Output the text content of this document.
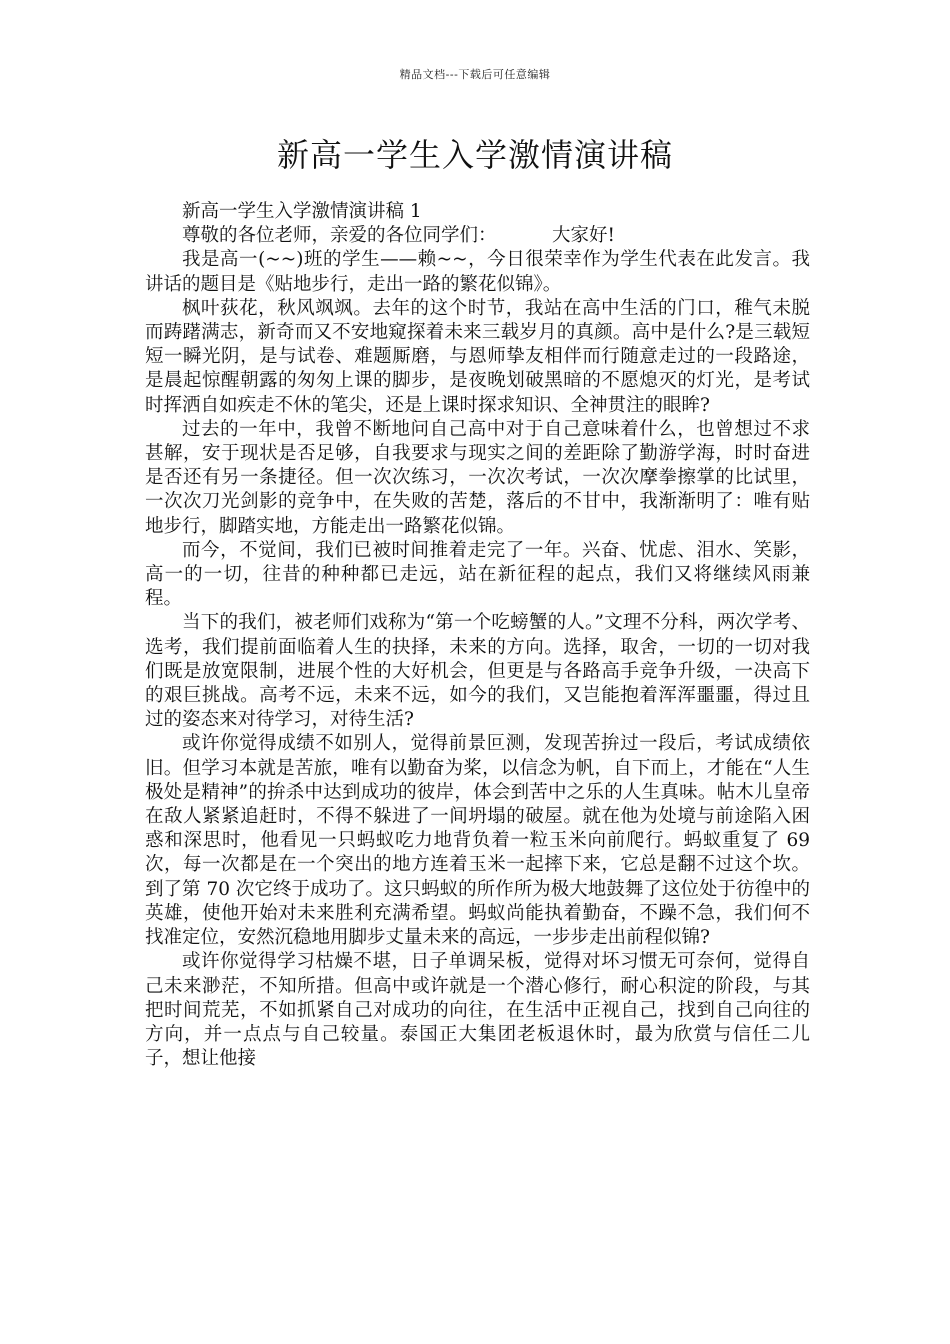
精品文档---下载后可任意编辑
新高一学生入学激情演讲稿

新高一学生入学激情演讲稿 1

尊敬的各位老师，亲爱的各位同学们：	大家好!

我是高一(~~)班的学生——赖~~，今日很荣幸作为学生代表在此发言。我讲话的题目是《贴地步行，走出一路的繁花似锦》。

枫叶荻花，秋风飒飒。去年的这个时节，我站在高中生活的门口，稚气未脱而踌躇满志，新奇而又不安地窥探着未来三载岁月的真颜。高中是什么?是三载短短一瞬光阴，是与试卷、难题厮磨，与恩师挚友相伴而行随意走过的一段路途，是晨起惊醒朝露的匆匆上课的脚步，是夜晚划破黑暗的不愿熄灭的灯光，是考试时挥洒自如疾走不休的笔尖，还是上课时探求知识、全神贯注的眼眸?

过去的一年中，我曾不断地问自己高中对于自己意味着什么，也曾想过不求甚解，安于现状是否足够，自我要求与现实之间的差距除了勤游学海，时时奋进是否还有另一条捷径。但一次次练习，一次次考试，一次次摩拳擦掌的比试里，一次次刀光剑影的竞争中，在失败的苦楚，落后的不甘中，我渐渐明了：唯有贴地步行，脚踏实地，方能走出一路繁花似锦。

而今，不觉间，我们已被时间推着走完了一年。兴奋、忧虑、泪水、笑影，高一的一切，往昔的种种都已走远，站在新征程的起点，我们又将继续风雨兼程。

当下的我们，被老师们戏称为“第一个吃螃蟹的人。”文理不分科，两次学考、选考，我们提前面临着人生的抉择，未来的方向。选择，取舍，一切的一切对我们既是放宽限制，进展个性的大好机会，但更是与各路高手竞争升级，一决高下的艰巨挑战。高考不远，未来不远，如今的我们，又岂能抱着浑浑噩噩，得过且过的姿态来对待学习，对待生活?

或许你觉得成绩不如别人，觉得前景叵测，发现苦拚过一段后，考试成绩依旧。但学习本就是苦旅，唯有以勤奋为桨，以信念为帆，自下而上，才能在“人生极处是精神”的拚杀中达到成功的彼岸，体会到苦中之乐的人生真味。帖木儿皇帝在敌人紧紧追赶时，不得不躲进了一间坍塌的破屋。就在他为处境与前途陷入困惑和深思时，他看见一只蚂蚁吃力地背负着一粒玉米向前爬行。蚂蚁重复了 69 次，每一次都是在一个突出的地方连着玉米一起摔下来，它总是翻不过这个坎。到了第 70 次它终于成功了。这只蚂蚁的所作所为极大地鼓舞了这位处于彷徨中的英雄，使他开始对未来胜利充满希望。蚂蚁尚能执着勤奋，不躁不急，我们何不找准定位，安然沉稳地用脚步丈量未来的高远，一步步走出前程似锦?

或许你觉得学习枯燥不堪，日子单调呆板，觉得对坏习惯无可奈何，觉得自己未来渺茫，不知所措。但高中或许就是一个潜心修行，耐心积淀的阶段，与其把时间荒芜，不如抓紧自己对成功的向往，在生活中正视自己，找到自己向往的方向，并一点点与自己较量。泰国正大集团老板退休时，最为欣赏与信任二儿子，想让他接
